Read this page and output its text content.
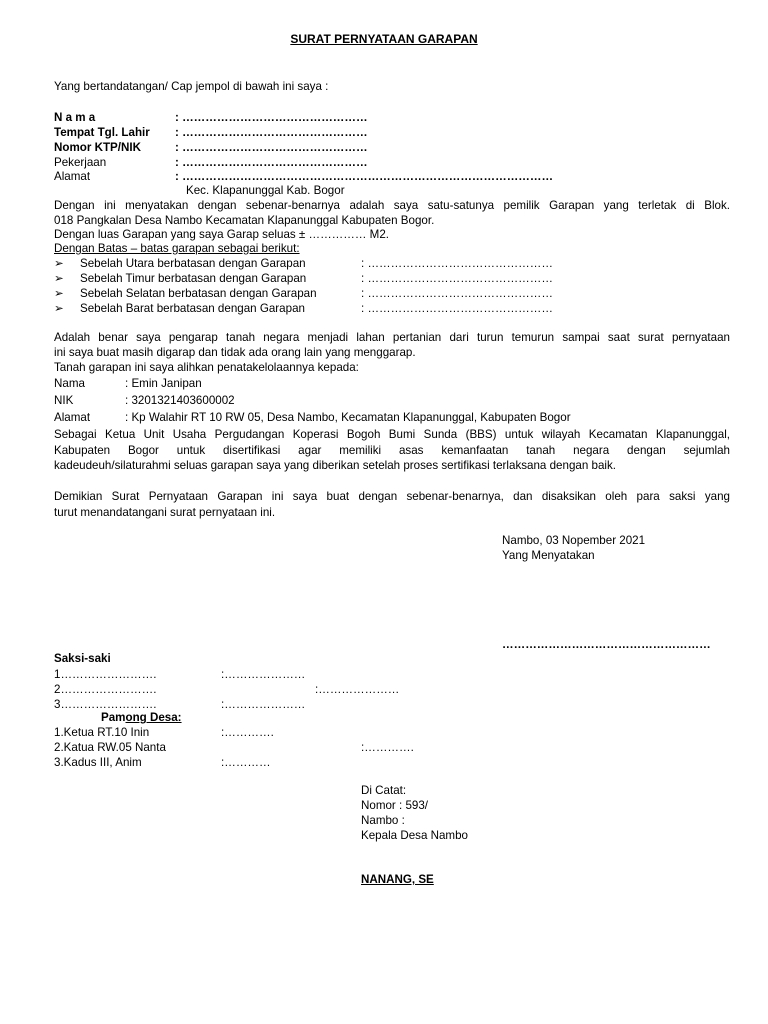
SURAT PERNYATAAN GARAPAN
Yang bertandatangan/ Cap jempol di bawah ini saya :
N a m a	: …………………………………………
Tempat Tgl. Lahir : …………………………………………
Nomor KTP/NIK	: …………………………………………
Pekerjaan	: …………………………………………
Alamat	: ……………………………………………………………………………………
Kec. Klapanunggal Kab. Bogor
Dengan ini menyatakan dengan sebenar-benarnya adalah saya satu-satunya pemilik Garapan yang terletak di Blok.
018 Pangkalan Desa Nambo Kecamatan Klapanunggal Kabupaten Bogor.
Dengan luas Garapan yang saya Garap seluas ± …………… M2.
Dengan Batas – batas garapan sebagai berikut:
➢ Sebelah Utara berbatasan dengan Garapan	: …………………………………………
➢ Sebelah Timur berbatasan dengan Garapan	: …………………………………………
➢ Sebelah Selatan berbatasan dengan Garapan	: …………………………………………
➢ Sebelah Barat berbatasan dengan Garapan	: …………………………………………
Adalah benar saya pengarap tanah negara menjadi lahan pertanian dari turun temurun sampai saat surat pernyataan
ini saya buat masih digarap dan tidak ada orang lain yang menggarap.
Tanah garapan ini saya alihkan penatakelolaannya kepada:
Nama	: Emin Janipan
NIK	: 3201321403600002
Alamat	: Kp Walahir RT 10 RW 05, Desa Nambo, Kecamatan Klapanunggal, Kabupaten Bogor
Sebagai Ketua Unit Usaha Pergudangan Koperasi Bogoh Bumi Sunda (BBS) untuk wilayah Kecamatan Klapanunggal,
Kabupaten Bogor untuk disertifikasi agar memiliki asas kemanfaatan tanah negara dengan sejumlah
kadeudeuh/silaturahmi seluas garapan saya yang diberikan setelah proses sertifikasi terlaksana dengan baik.
Demikian Surat Pernyataan Garapan ini saya buat dengan sebenar-benarnya, dan disaksikan oleh para saksi yang
turut menandatangani surat pernyataan ini.
Nambo, 03 Nopember 2021
Yang Menyatakan
………………………………………………
Saksi-saki
1…………………….	:…………………
2…………………….	:…………………
3…………………….	:…………………
Pamong Desa:
1.Ketua RT.10 Inin	:………….
2.Katua RW.05 Nanta	:………….
3.Kadus III, Anim	:…………
Di Catat:
Nomor : 593/
Nambo :
Kepala Desa Nambo
NANANG, SE
